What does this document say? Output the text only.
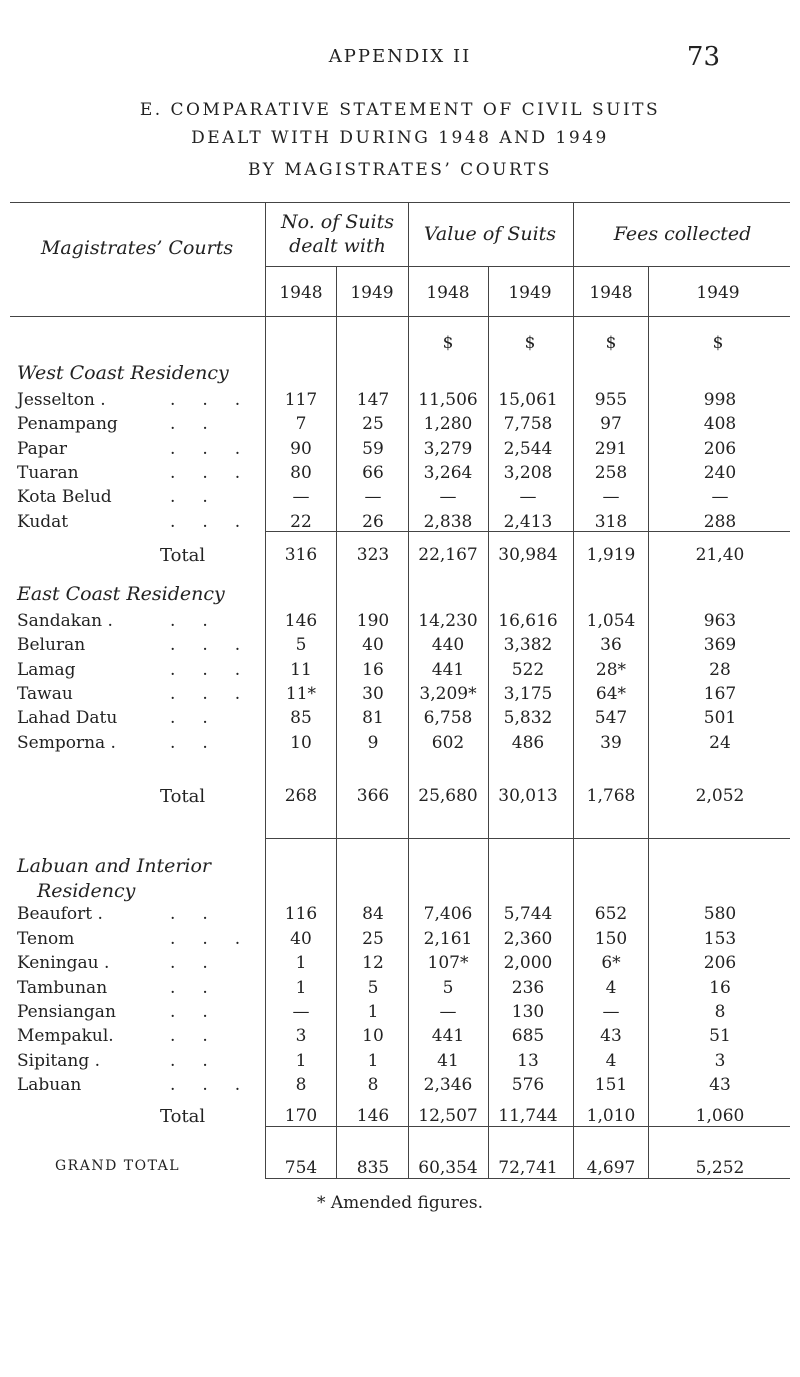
APPENDIX II	73
E. COMPARATIVE STATEMENT OF CIVIL SUITS
DEALT WITH DURING 1948 AND 1949
BY MAGISTRATES’ COURTS
Magistrates’ Courts
No. of Suits dealt with
Value of Suits	Fees collected
1948	1949	1948	1949	1948	1949
$	$	$	$
West Coast Residency
East Coast Residency
Labuan and Interior
Residency
Jesselton .	...	117	147	11,506	15,061	955	998
Penampang	..	7	25	1,280	7,758	97	408
Papar	...	90	59	3,279	2,544	291	206
Tuaran	...	80	66	3,264	3,208	258	240
Kota Belud	..	—	—	—	—	—	—
Kudat	...	22	26	2,838	2,413	318	288
Total	316	323	22,167	30,984	1,919	21,40
Sandakan .	..	146	190	14,230	16,616	1,054	963
Beluran	...	5	40	440	3,382	36	369
Lamag	...	11	16	441	522	28*	28
Tawau	...	11*	30	3,209*	3,175	64*	167
Lahad Datu	..	85	81	6,758	5,832	547	501
Semporna .	..	10	9	602	486	39	24
Total	268	366	25,680	30,013	1,768	2,052
Beaufort .	..	116	84	7,406	5,744	652	580
Tenom	...	40	25	2,161	2,360	150	153
Keningau .	..	1	12	107*	2,000	6*	206
Tambunan	..	1	5	5	236	4	16
Pensiangan	..	—	1	—	130	—	8
Mempakul.	..	3	10	441	685	43	51
Sipitang .	..	1	1	41	13	4	3
Labuan	...	8	8	2,346	576	151	43
Total	170	146	12,507	11,744	1,010	1,060
GRAND TOTAL	754	835	60,354	72,741	4,697	5,252
* Amended figures.
